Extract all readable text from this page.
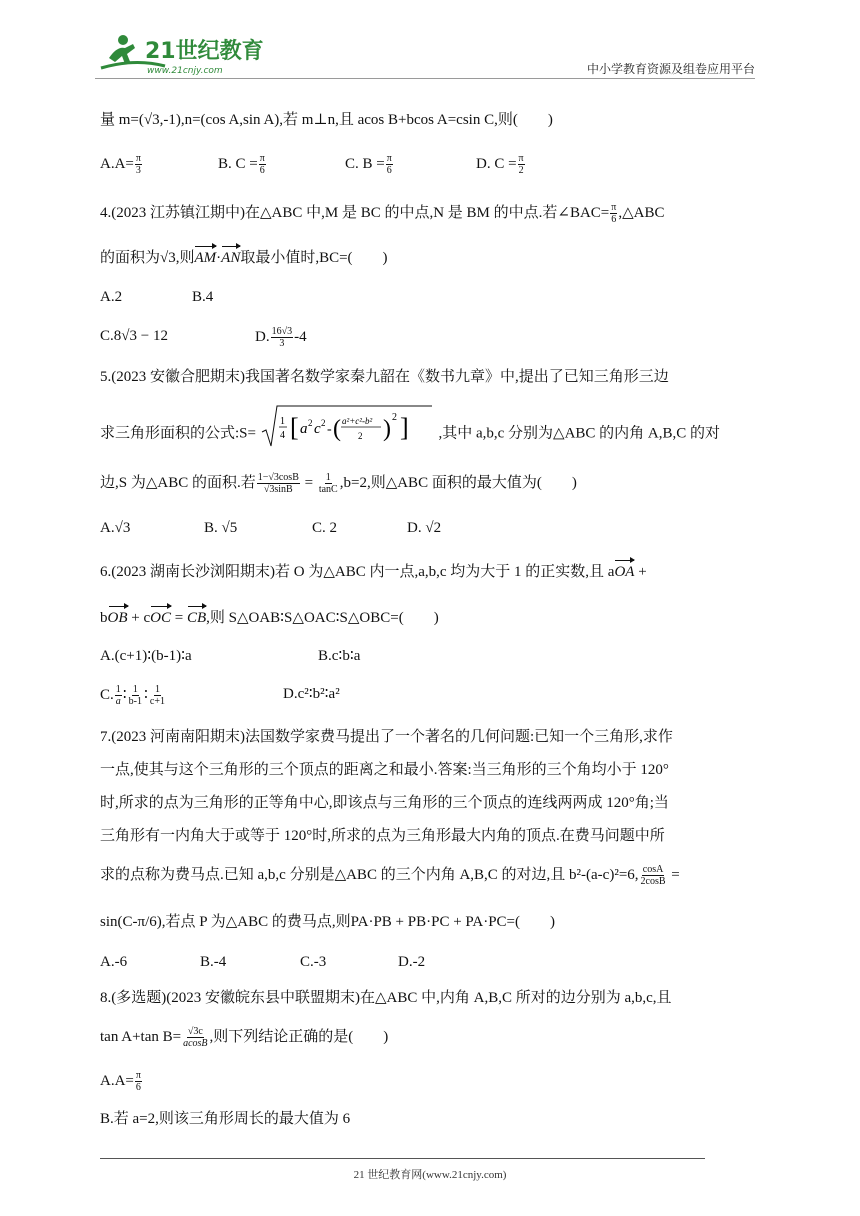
21世纪教育
www.21cnjy.com	中小学教育资源及组卷应用平台
量 m=(√3,-1),n=(cos A,sin A),若 m⊥n,且 acos B+bcos A=csin C,则(　　)
$A.A= \frac{\pi}{3}$	B. $C = \frac{\pi}{6}$	C. $B = \frac{\pi}{6}$	D. $C = \frac{\pi}{2}$
4.(2023 江苏镇江期中)在△ABC 中,M 是 BC 的中点,N 是 BM 的中点.若∠BAC= $\frac{\pi}{6}$ ,△ABC
的面积为√3,则AM·AN取最小值时,BC=(　　)
A.2	B.4
C.8√3 − 12	D. $\frac{16√3}{3} -4$
5.(2023 安徽合肥期末)我国著名数学家秦九韶在《数书九章》中,提出了已知三角形三边
求三角形面积的公式:S=
1
4 [ a 2 c 2 - ( a²+c²-b²
2 ) 2 ] ,其中 a,b,c 分别为△ABC 的内角 A,B,C 的对
边,S 为△ABC 的面积.若 $\frac{1-√3\cos B}{√3\sin B} = \frac{1}{\tan C} ,b=2$,则△ABC 面积的最大值为(　　)
A.√3	B. √5	C. 2	D. √2
6.(2023 湖南长沙浏阳期末)若 O 为△ABC 内一点,a,b,c 均为大于 1 的正实数,且 aOA +
bOB + cOC = CB,则 S△OAB∶S△OAC∶S△OBC=(　　)
A.(c+1)∶(b-1)∶a	B.c∶b∶a
C. $\frac{1}{a}$ ∶ $\frac{1}{b-1}$ ∶ $\frac{1}{c+1}$	D.c²∶b²∶a²
7.(2023 河南南阳期末)法国数学家费马提出了一个著名的几何问题:已知一个三角形,求作
一点,使其与这个三角形的三个顶点的距离之和最小.答案:当三角形的三个角均小于 120°
时,所求的点为三角形的正等角中心,即该点与三角形的三个顶点的连线两两成 120°角;当
三角形有一内角大于或等于 120°时,所求的点为三角形最大内角的顶点.在费马问题中所
求的点称为费马点.已知 a,b,c 分别是△ABC 的三个内角 A,B,C 的对边,且 b²-(a-c)²=6, $\frac{\cos A}{2\cos B}$ =
sin(C-π/6),若点 P 为△ABC 的费马点,则PA·PB + PB·PC + PA·PC=(　　)
A.-6	B.-4	C.-3	D.-2
8.(多选题)(2023 安徽皖东县中联盟期末)在△ABC 中,内角 A,B,C 所对的边分别为 a,b,c,且
tan A+tan $B= \frac{√3c}{acosB}$ ,则下列结论正确的是(　　)
$A.A= \frac{\pi}{6}$
B.若 a=2,则该三角形周长的最大值为 6
21 世纪教育网(www.21cnjy.com)
